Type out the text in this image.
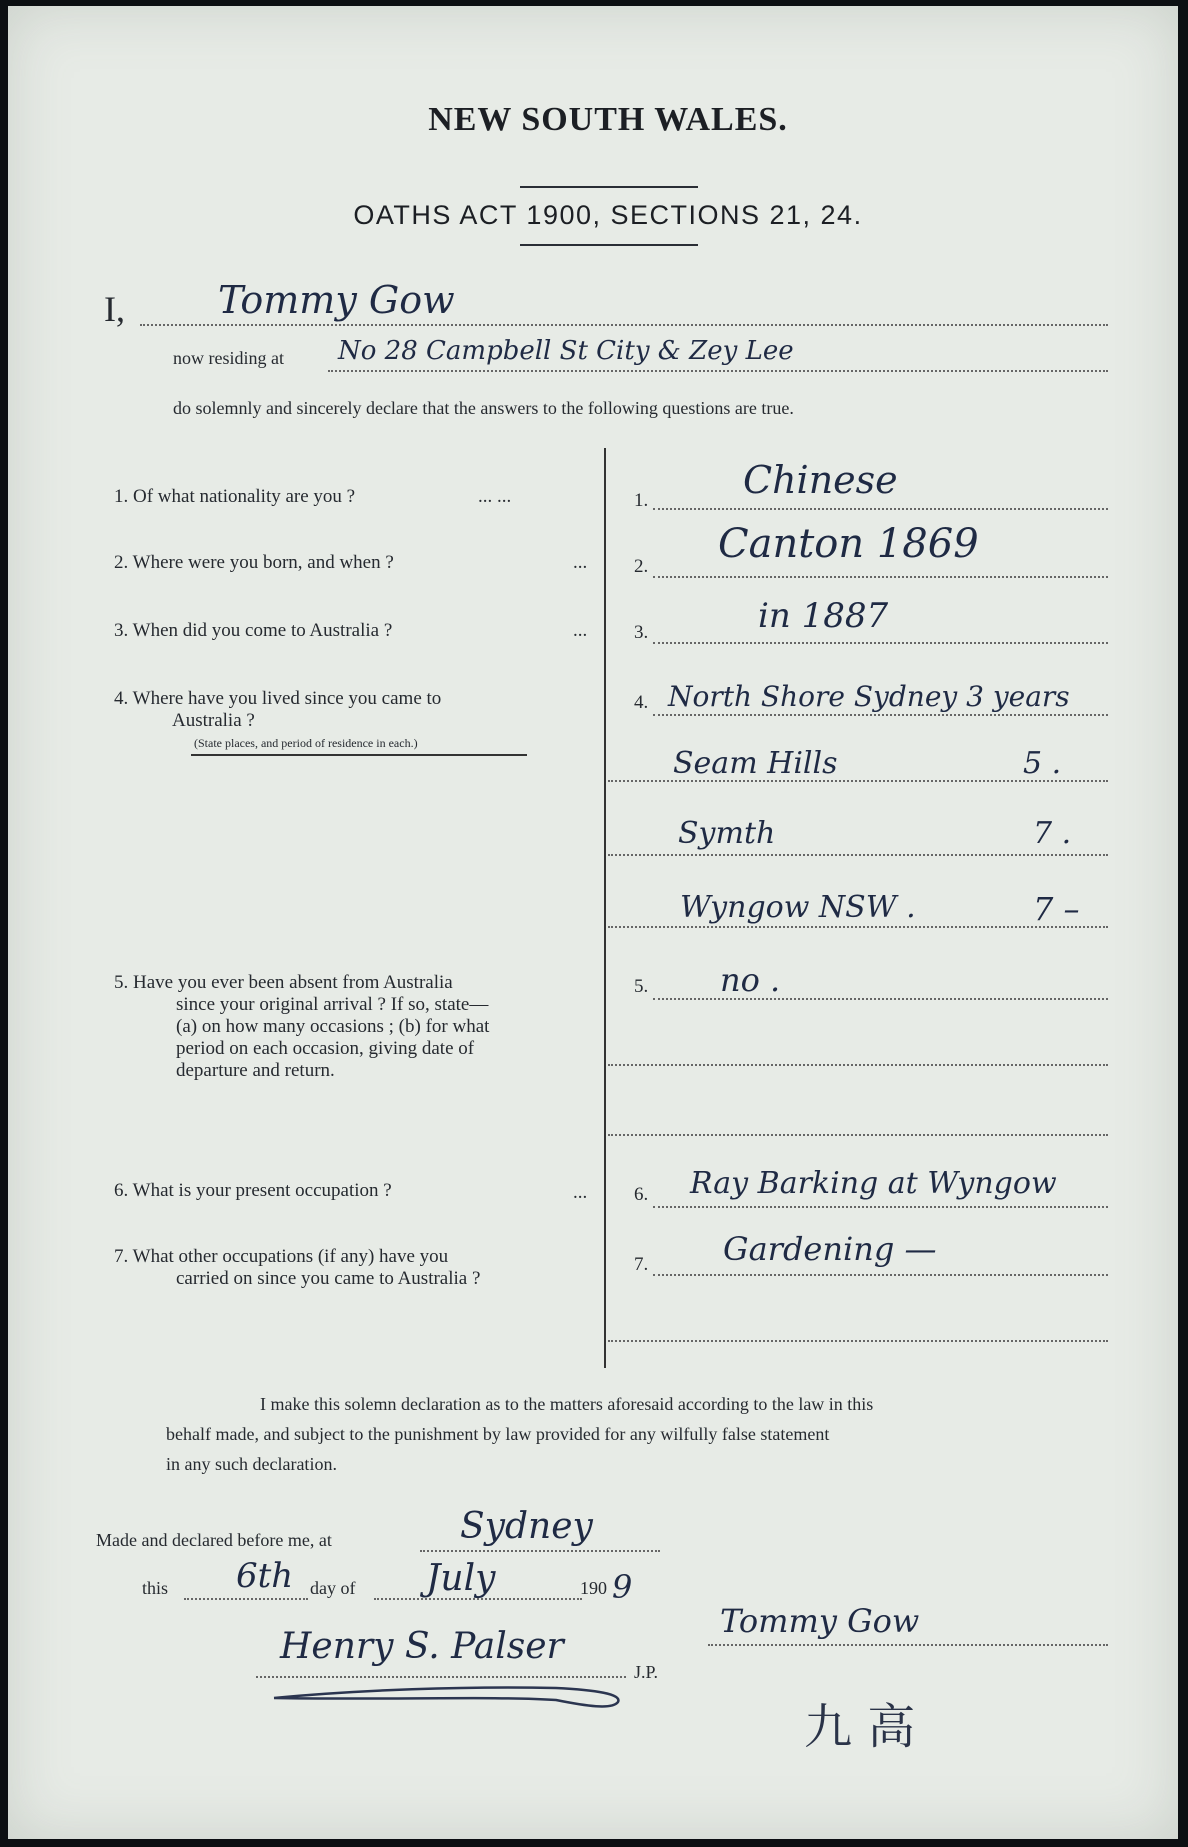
NEW SOUTH WALES.
OATHS ACT 1900, SECTIONS 21, 24.
I, Tommy Gow
now residing at No 28 Campbell St City & Zey Lee
do solemnly and sincerely declare that the answers to the following questions are true.
1. Of what nationality are you ?	... ...	1. Chinese
2. Where were you born, and when ?	... 2. Canton 1869
3. When did you come to Australia ?	... 3.	in 1887
4. Where have you lived since you came to
Australia ?
(State places, and period of residence in each.)
4. North Shore Sydney 3 years
Seam Hills	5 .
Symth	7 .
Wyngow NSW .	7 –
5. Have you ever been absent from Australia
since your original arrival ? If so, state—
(a) on how many occasions ; (b) for what
period on each occasion, giving date of
departure and return.
5. no .
6. What is your present occupation ?	... 6. Ray Barking at Wyngow
7. What other occupations (if any) have you
carried on since you came to Australia ?
7. Gardening —
I make this solemn declaration as to the matters aforesaid according to the law in this
behalf made, and subject to the punishment by law provided for any wilfully false statement
in any such declaration.
Made and declared before me, at	Sydney
this 6th day of July	190 9
Henry S. Palser
J.P.
Tommy Gow
九 高
